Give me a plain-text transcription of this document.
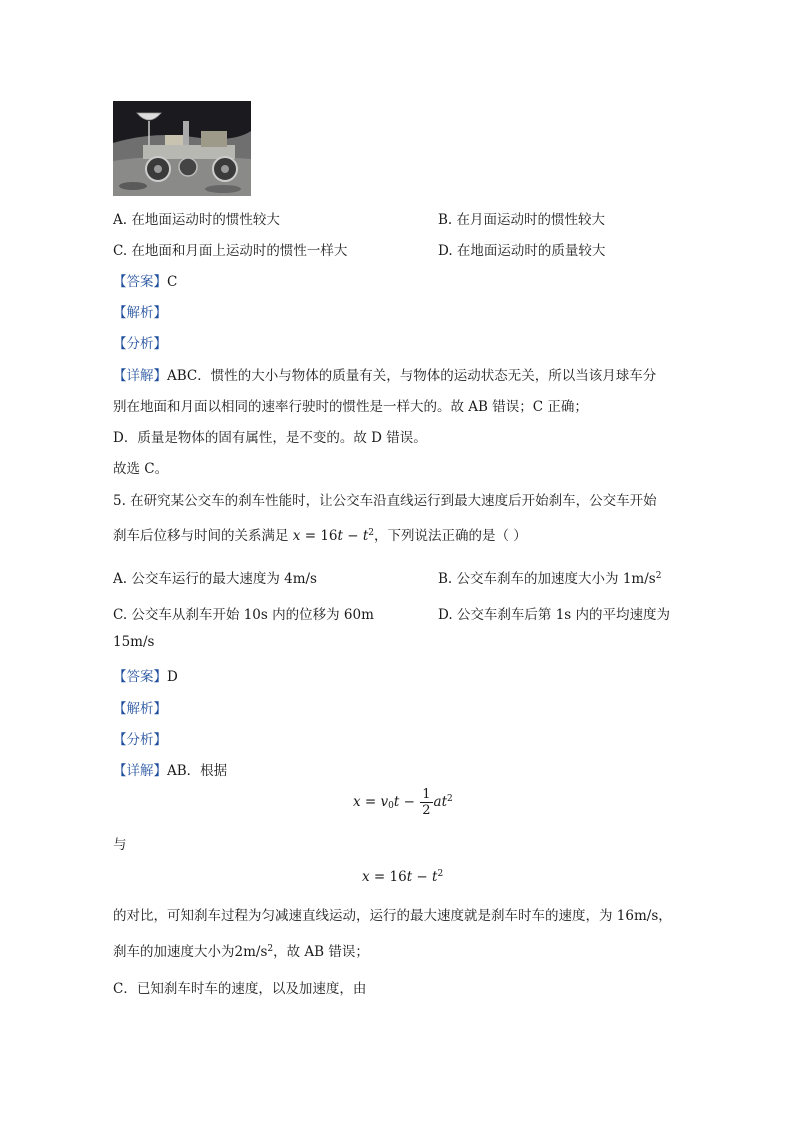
A. 在地面运动时的惯性较大	B. 在月面运动时的惯性较大
C. 在地面和月面上运动时的惯性一样大	D. 在地面运动时的质量较大
【答案】C
【解析】
【分析】
【详解】ABC．惯性的大小与物体的质量有关，与物体的运动状态无关，所以当该月球车分
别在地面和月面以相同的速率行驶时的惯性是一样大的。故 AB 错误；C 正确；
D．质量是物体的固有属性，是不变的。故 D 错误。
故选 C。
5. 在研究某公交车的刹车性能时，让公交车沿直线运行到最大速度后开始刹车，公交车开始
刹车后位移与时间的关系满足 $x = 16t - t^2$，下列说法正确的是（ ）
A. 公交车运行的最大速度为 4m/s	B. 公交车刹车的加速度大小为 $1m/s^2$
C. 公交车从刹车开始 10s 内的位移为 60m	D. 公交车刹车后第 1s 内的平均速度为
15m/s
【答案】D
【解析】
【分析】
【详解】AB．根据
$x = v_0t - \frac{1}{2} at^2$
与
$x = 16t - t^2$
的对比，可知刹车过程为匀减速直线运动，运行的最大速度就是刹车时车的速度，为 16m/s，
刹车的加速度大小为$2m/s^2$，故 AB 错误；
C．已知刹车时车的速度，以及加速度，由
